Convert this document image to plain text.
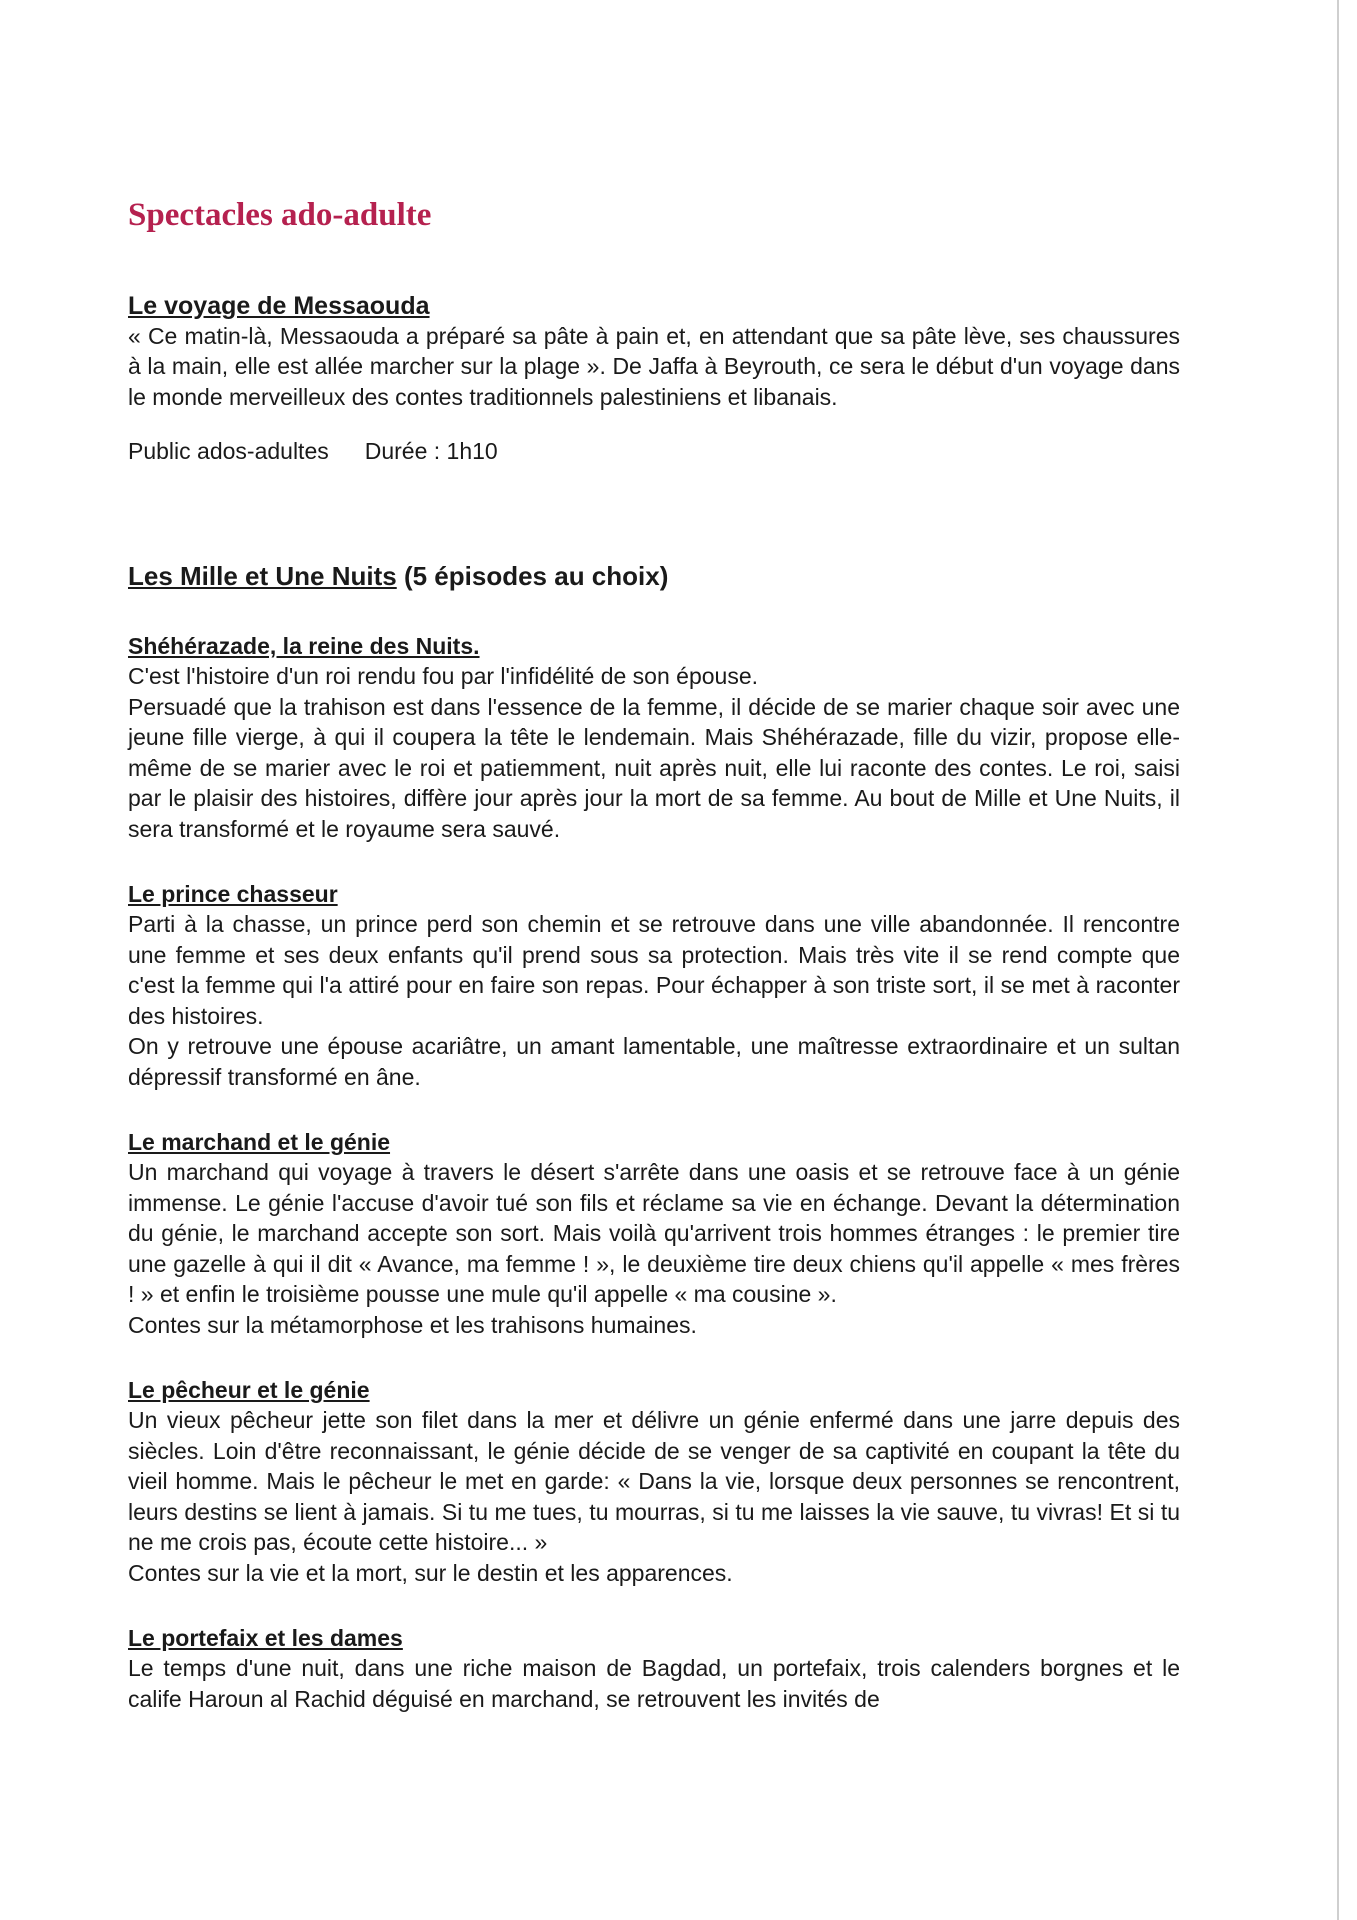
Spectacles ado-adulte
Le voyage de Messaouda

« Ce matin-là, Messaouda a préparé sa pâte à pain et, en attendant que sa pâte lève, ses chaussures à la main, elle est allée marcher sur la plage ». De Jaffa à Beyrouth, ce sera le début d'un voyage dans le monde merveilleux des contes traditionnels palestiniens et libanais.

Public ados-adultes Durée : 1h10
Les Mille et Une Nuits (5 épisodes au choix)
Shéhérazade, la reine des Nuits.

C'est l'histoire d'un roi rendu fou par l'infidélité de son épouse.

Persuadé que la trahison est dans l'essence de la femme, il décide de se marier chaque soir avec une jeune fille vierge, à qui il coupera la tête le lendemain. Mais Shéhérazade, fille du vizir, propose elle-même de se marier avec le roi et patiemment, nuit après nuit, elle lui raconte des contes. Le roi, saisi par le plaisir des histoires, diffère jour après jour la mort de sa femme. Au bout de Mille et Une Nuits, il sera transformé et le royaume sera sauvé.

Le prince chasseur

Parti à la chasse, un prince perd son chemin et se retrouve dans une ville abandonnée. Il rencontre une femme et ses deux enfants qu'il prend sous sa protection. Mais très vite il se rend compte que c'est la femme qui l'a attiré pour en faire son repas. Pour échapper à son triste sort, il se met à raconter des histoires.

On y retrouve une épouse acariâtre, un amant lamentable, une maîtresse extraordinaire et un sultan dépressif transformé en âne.

Le marchand et le génie

Un marchand qui voyage à travers le désert s'arrête dans une oasis et se retrouve face à un génie immense. Le génie l'accuse d'avoir tué son fils et réclame sa vie en échange. Devant la détermination du génie, le marchand accepte son sort. Mais voilà qu'arrivent trois hommes étranges : le premier tire une gazelle à qui il dit « Avance, ma femme ! », le deuxième tire deux chiens qu'il appelle « mes frères ! » et enfin le troisième pousse une mule qu'il appelle « ma cousine ».

Contes sur la métamorphose et les trahisons humaines.

Le pêcheur et le génie

Un vieux pêcheur jette son filet dans la mer et délivre un génie enfermé dans une jarre depuis des siècles. Loin d'être reconnaissant, le génie décide de se venger de sa captivité en coupant la tête du vieil homme. Mais le pêcheur le met en garde: « Dans la vie, lorsque deux personnes se rencontrent, leurs destins se lient à jamais. Si tu me tues, tu mourras, si tu me laisses la vie sauve, tu vivras! Et si tu ne me crois pas, écoute cette histoire... »

Contes sur la vie et la mort, sur le destin et les apparences.

Le portefaix et les dames

Le temps d'une nuit, dans une riche maison de Bagdad, un portefaix, trois calenders borgnes et le calife Haroun al Rachid déguisé en marchand, se retrouvent les invités de
